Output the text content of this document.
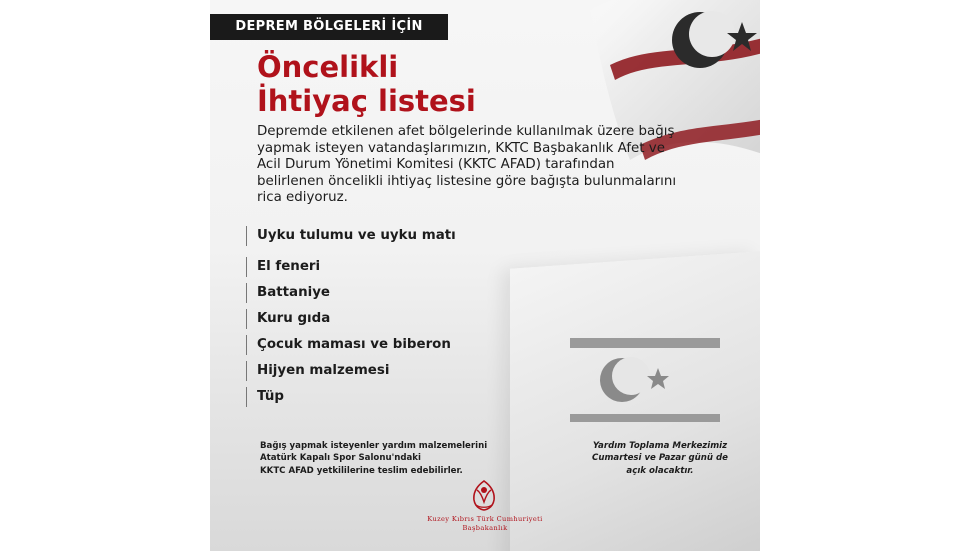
DEPREM BÖLGELERİ İÇİN
Öncelikli
İhtiyaç listesi

Depremde etkilenen afet bölgelerinde kullanılmak üzere bağış yapmak isteyen vatandaşlarımızın, KKTC Başbakanlık Afet ve Acil Durum Yönetimi Komitesi (KKTC AFAD) tarafından belirlenen öncelikli ihtiyaç listesine göre bağışta bulunmalarını rica ediyoruz.

Uyku tulumu ve uyku matı
El feneri
Battaniye
Kuru gıda
Çocuk maması ve biberon
Hijyen malzemesi
Tüp
Bağış yapmak isteyenler yardım malzemelerini
Atatürk Kapalı Spor Salonu'ndaki
KKTC AFAD yetkililerine teslim edebilirler.
Yardım Toplama Merkezimiz
Cumartesi ve Pazar günü de
açık olacaktır.
Kuzey Kıbrıs Türk Cumhuriyeti
Başbakanlık
